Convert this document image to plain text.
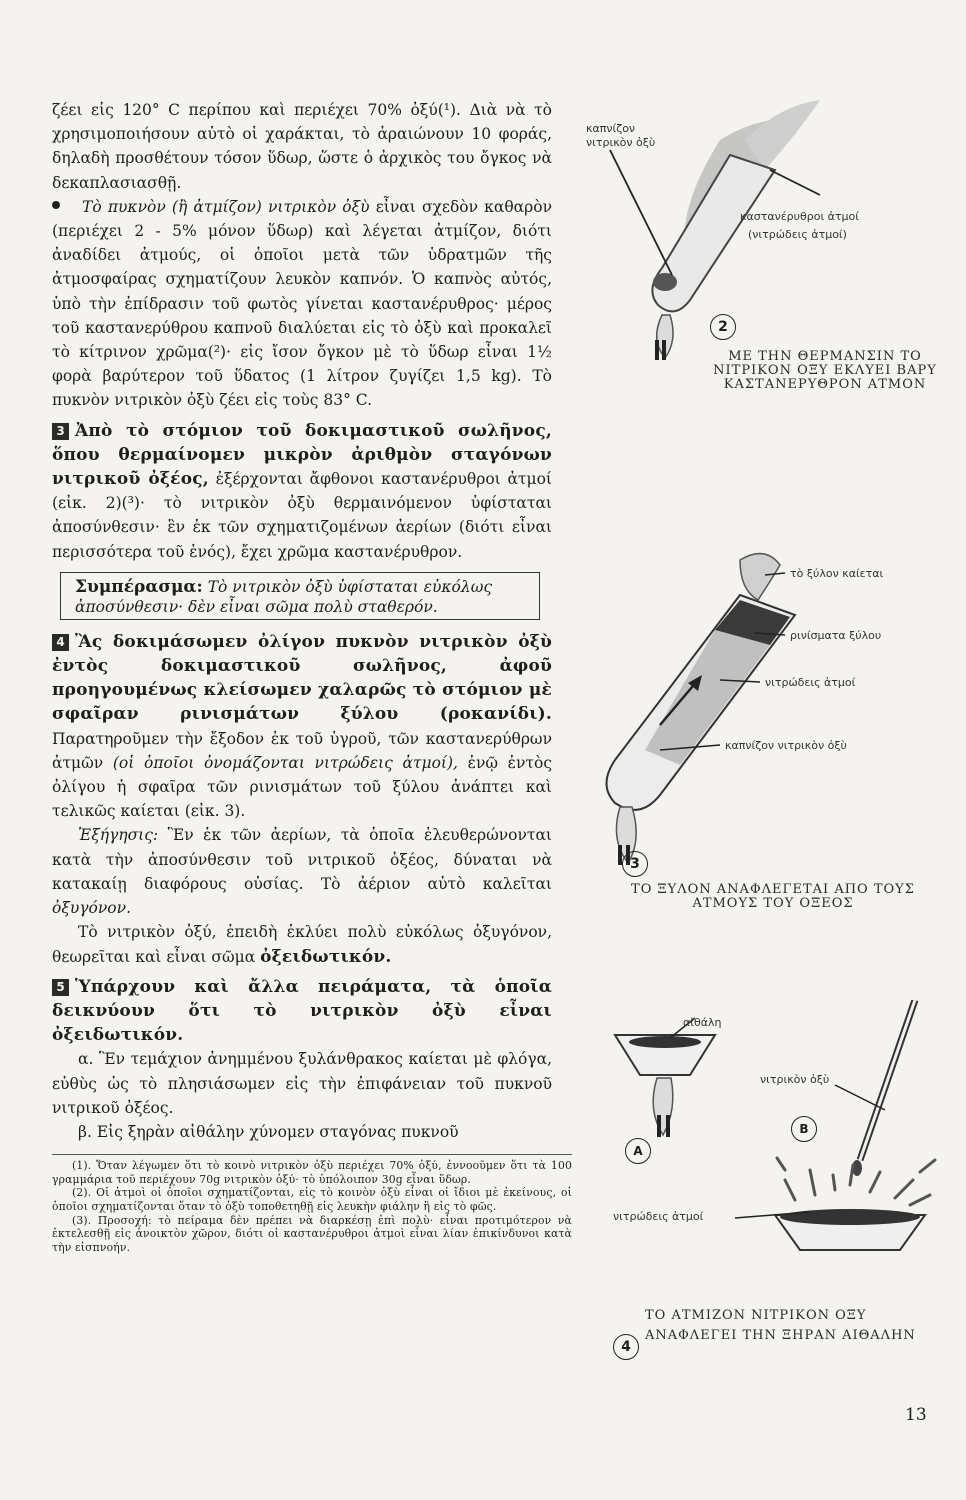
ζέει εἰς 120° C περίπου καὶ περιέχει 70% ὀξύ(¹). Διὰ νὰ τὸ χρησιμοποιήσουν αὐτὸ οἱ χαράκται, τὸ ἀραιώνουν 10 φοράς, δηλαδὴ προσθέτουν τόσον ὕδωρ, ὥστε ὁ ἀρχικὸς του ὄγκος νὰ δεκαπλασιασθῇ.

Τὸ πυκνὸν (ἢ ἀτμίζον) νιτρικὸν ὀξὺ εἶναι σχεδὸν καθαρὸν (περιέχει 2 - 5% μόνον ὕδωρ) καὶ λέγεται ἀτμίζον, διότι ἀναδίδει ἀτμούς, οἱ ὁποῖοι μετὰ τῶν ὑδρατμῶν τῆς ἀτμοσφαίρας σχηματίζουν λευκὸν καπνόν. Ὁ καπνὸς αὐτός, ὑπὸ τὴν ἐπίδρασιν τοῦ φωτὸς γίνεται καστανέρυθρος· μέρος τοῦ καστανερύθρου καπνοῦ διαλύεται εἰς τὸ ὀξὺ καὶ προκαλεῖ τὸ κίτρινον χρῶμα(²)· εἰς ἴσον ὄγκον μὲ τὸ ὕδωρ εἶναι 1½ φορὰ βαρύτερον τοῦ ὕδατος (1 λίτρον ζυγίζει 1,5 kg). Τὸ πυκνὸν νιτρικὸν ὀξὺ ζέει εἰς τοὺς 83° C.

3 Ἀπὸ τὸ στόμιον τοῦ δοκιμαστικοῦ σωλῆνος, ὅπου θερμαίνομεν μικρὸν ἀριθμὸν σταγόνων νιτρικοῦ ὀξέος, ἐξέρχονται ἄφθονοι καστανέρυθροι ἀτμοί (εἰκ. 2)(³)· τὸ νιτρικὸν ὀξὺ θερμαινόμενον ὑφίσταται ἀποσύνθεσιν· ἓν ἐκ τῶν σχηματιζομένων ἀερίων (διότι εἶναι περισσότερα τοῦ ἑνός), ἔχει χρῶμα καστανέρυθρον.

Συμπέρασμα: Τὸ νιτρικὸν ὀξὺ ὑφίσταται εὐκόλως ἀποσύνθεσιν· δὲν εἶναι σῶμα πολὺ σταθερόν.

4 Ἂς δοκιμάσωμεν ὀλίγον πυκνὸν νιτρικὸν ὀξὺ ἐντὸς δοκιμαστικοῦ σωλῆνος, ἀφοῦ προηγουμένως κλείσωμεν χαλαρῶς τὸ στόμιον μὲ σφαῖραν ρινισμάτων ξύλου (ροκανίδι). Παρατηροῦμεν τὴν ἔξοδον ἐκ τοῦ ὑγροῦ, τῶν καστανερύθρων ἀτμῶν (οἱ ὁποῖοι ὀνομάζονται νιτρώδεις ἀτμοί), ἐνῷ ἐντὸς ὀλίγου ἡ σφαῖρα τῶν ρινισμάτων τοῦ ξύλου ἀνάπτει καὶ τελικῶς καίεται (εἰκ. 3).

Ἐξήγησις: Ἓν ἐκ τῶν ἀερίων, τὰ ὁποῖα ἐλευθερώνονται κατὰ τὴν ἀποσύνθεσιν τοῦ νιτρικοῦ ὀξέος, δύναται νὰ κατακαίῃ διαφόρους οὐσίας. Τὸ ἀέριον αὐτὸ καλεῖται ὀξυγόνον.

Τὸ νιτρικὸν ὀξύ, ἐπειδὴ ἐκλύει πολὺ εὐκόλως ὀξυγόνον, θεωρεῖται καὶ εἶναι σῶμα ὀξειδωτικόν.

5 Ὑπάρχουν καὶ ἄλλα πειράματα, τὰ ὁποῖα δεικνύουν ὅτι τὸ νιτρικὸν ὀξὺ εἶναι ὀξειδωτικόν.

α. Ἓν τεμάχιον ἀνημμένου ξυλάνθρακος καίεται μὲ φλόγα, εὐθὺς ὡς τὸ πλησιάσωμεν εἰς τὴν ἐπιφάνειαν τοῦ πυκνοῦ νιτρικοῦ ὀξέος.

β. Εἰς ξηρὰν αἰθάλην χύνομεν σταγόνας πυκνοῦ

(1). Ὅταν λέγωμεν ὅτι τὸ κοινὸ νιτρικὸν ὀξὺ περιέχει 70% ὀξύ, ἐννοοῦμεν ὅτι τὰ 100 γραμμάρια τοῦ περιέχουν 70g νιτρικὸν ὀξύ· τὸ ὑπόλοιπον 30g εἶναι ὕδωρ.

(2). Οἱ ἀτμοὶ οἱ ὁποῖοι σχηματίζονται, εἰς τὸ κοινὸν ὀξὺ εἶναι οἱ ἴδιοι μὲ ἐκείνους, οἱ ὁποῖοι σχηματίζονται ὅταν τὸ ὀξὺ τοποθετηθῇ εἰς λευκὴν φιάλην ἢ εἰς τὸ φῶς.

(3). Προσοχή: τὸ πείραμα δὲν πρέπει νὰ διαρκέσῃ ἐπὶ πολὺ· εἶναι προτιμότερον νὰ ἐκτελεσθῇ εἰς ἀνοικτὸν χῶρον, διότι οἱ καστανέρυθροι ἀτμοὶ εἶναι λίαν ἐπικίνδυνοι κατὰ τὴν εἰσπνοήν.

καπνίζον νιτρικὸν ὀξὺ
καστανέρυθροι ἀτμοί
(νιτρώδεις ἀτμοί)
2
ΜΕ ΤΗΝ ΘΕΡΜΑΝΣΙΝ ΤΟ ΝΙΤΡΙΚΟΝ ΟΞΥ ΕΚΛΥΕΙ ΒΑΡΥ ΚΑΣΤΑΝΕΡΥΘΡΟΝ ΑΤΜΟΝ
τὸ ξύλον καίεται
ρινίσματα ξύλου
νιτρώδεις ἀτμοί
καπνίζον νιτρικὸν ὀξὺ
3
ΤΟ ΞΥΛΟΝ ΑΝΑΦΛΕΓΕΤΑΙ ΑΠΟ ΤΟΥΣ ΑΤΜΟΥΣ ΤΟΥ ΟΞΕΟΣ
αἰθάλη
νιτρικὸν ὀξὺ
νιτρώδεις ἀτμοί
A
B
4
ΤΟ ΑΤΜΙΖΟΝ ΝΙΤΡΙΚΟΝ ΟΞΥ ΑΝΑΦΛΕΓΕΙ ΤΗΝ ΞΗΡΑΝ ΑΙΘΑΛΗΝ
13
